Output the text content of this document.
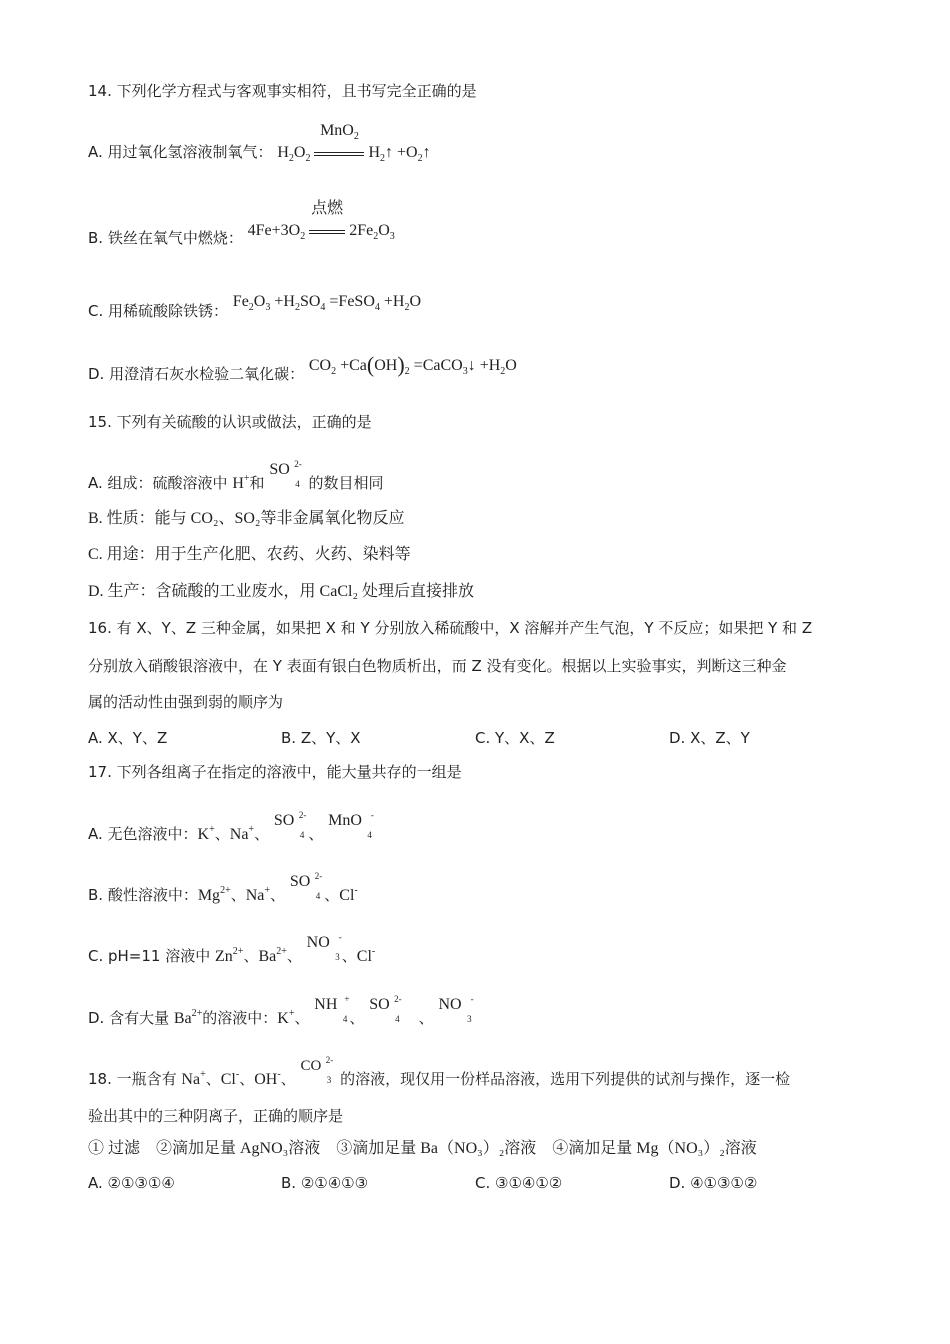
14. 下列化学方程式与客观事实相符，且书写完全正确的是
A. 用过氧化氢溶液制氧气： $H_2O_2$
MnO$_2$
$H_2↑$ $+O_2↑$
B. 铁丝在氧气中燃烧： $4Fe+3O_2$
点燃
$2Fe_2O_3$
C. 用稀硫酸除铁锈： $Fe_2O_3 +H_2SO_4$ =FeSO$_4$ $+H_2O$
D. 用澄清石灰水检验二氧化碳： $CO_2 +Ca(OH)_2$ =CaCO$_3$↓ $+H_2O$
15. 下列有关硫酸的认识或做法，正确的是
A. 组成：硫酸溶液中 H+和 SO
4
2-
的数目相同
B. 性质：能与 CO₂、SO₂等非金属氧化物反应
C. 用途：用于生产化肥、农药、火药、染料等
D. 生产：含硫酸的工业废水，用 CaCl₂ 处理后直接排放
16. 有 X、Y、Z 三种金属，如果把 X 和 Y 分别放入稀硫酸中，X 溶解并产生气泡，Y 不反应；如果把 Y 和 Z
分别放入硝酸银溶液中，在 Y 表面有银白色物质析出，而 Z 没有变化。根据以上实验事实，判断这三种金
属的活动性由强到弱的顺序为
A. X、Y、Z	B. Z、Y、X	C. Y、X、Z	D. X、Z、Y
17. 下列各组离子在指定的溶液中，能大量共存的一组是
A. 无色溶液中：K+、Na+、 SO
4
2-
、 MnO
4
-
B. 酸性溶液中：$Mg^{2+}$、Na+、 SO
4
2-
、Cl-
C. pH=11 溶液中 $Zn^{2+}$、$Ba^{2+}$、 NO
3
-
、Cl-
D. 含有大量 $Ba^{2+}$的溶液中：K+、 NH
4
+
、 SO
4
2-
　、 NO
3
-
18. 一瓶含有 Na+、Cl-、OH-、 CO
3
2-
的溶液，现仅用一份样品溶液，选用下列提供的试剂与操作，逐一检
验出其中的三种阴离子，正确的顺序是
① 过滤　②滴加足量 AgNO₃溶液　③滴加足量 Ba（NO₃）₂溶液　④滴加足量 Mg（NO₃）₂溶液
A. ②①③①④	B. ②①④①③	C. ③①④①②	D. ④①③①②
